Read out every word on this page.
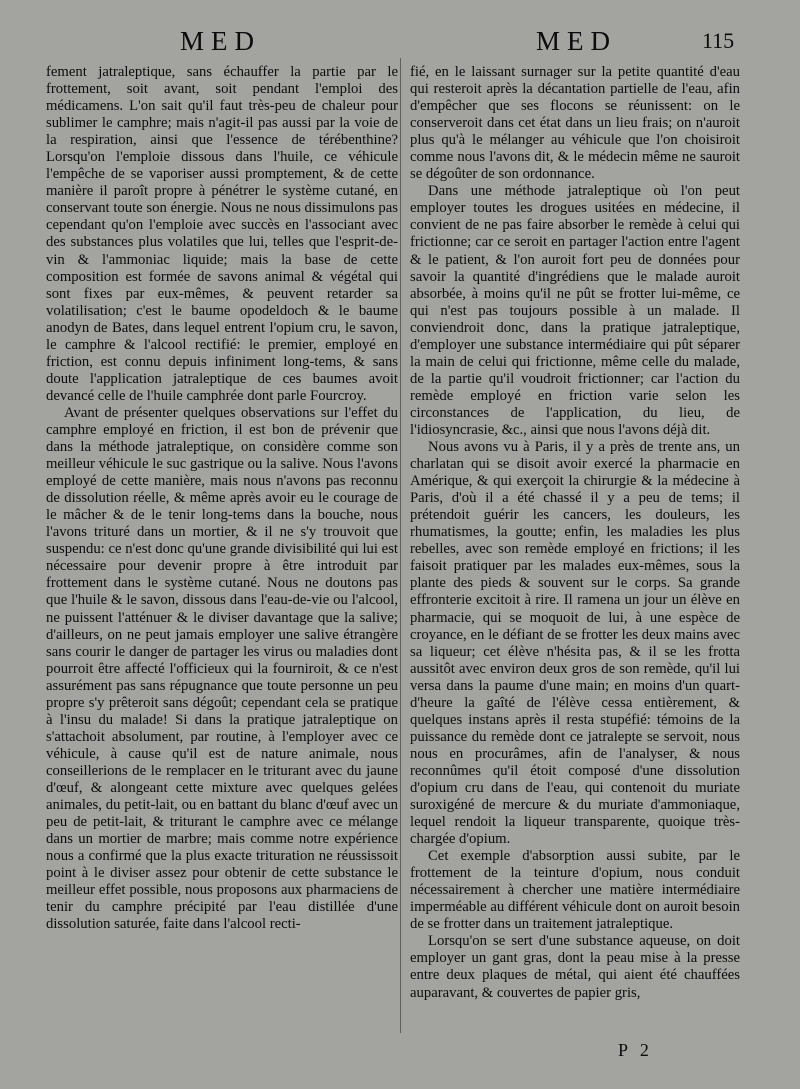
MED	MED	115

fement jatraleptique, sans échauffer la partie par le frottement, soit avant, soit pendant l'emploi des médicamens. L'on sait qu'il faut très-peu de chaleur pour sublimer le camphre; mais n'agit-il pas aussi par la voie de la respiration, ainsi que l'essence de térébenthine? Lorsqu'on l'emploie dissous dans l'huile, ce véhicule l'empêche de se vaporiser aussi promptement, & de cette manière il paroît propre à pénétrer le système cutané, en conservant toute son énergie. Nous ne nous dissimulons pas cependant qu'on l'emploie avec succès en l'associant avec des substances plus volatiles que lui, telles que l'esprit-de-vin & l'ammoniac liquide; mais la base de cette composition est formée de savons animal & végétal qui sont fixes par eux-mêmes, & peuvent retarder sa volatilisation; c'est le baume opodeldoch & le baume anodyn de Bates, dans lequel entrent l'opium cru, le savon, le camphre & l'alcool rectifié: le premier, employé en friction, est connu depuis infiniment long-tems, & sans doute l'application jatraleptique de ces baumes avoit devancé celle de l'huile camphrée dont parle Fourcroy.

Avant de présenter quelques observations sur l'effet du camphre employé en friction, il est bon de prévenir que dans la méthode jatraleptique, on considère comme son meilleur véhicule le suc gastrique ou la salive. Nous l'avons employé de cette manière, mais nous n'avons pas reconnu de dissolution réelle, & même après avoir eu le courage de le mâcher & de le tenir long-tems dans la bouche, nous l'avons trituré dans un mortier, & il ne s'y trouvoit que suspendu: ce n'est donc qu'une grande divisibilité qui lui est nécessaire pour devenir propre à être introduit par frottement dans le système cutané. Nous ne doutons pas que l'huile & le savon, dissous dans l'eau-de-vie ou l'alcool, ne puissent l'atténuer & le diviser davantage que la salive; d'ailleurs, on ne peut jamais employer une salive étrangère sans courir le danger de partager les virus ou maladies dont pourroit être affecté l'officieux qui la fourniroit, & ce n'est assurément pas sans répugnance que toute personne un peu propre s'y prêteroit sans dégoût; cependant cela se pratique à l'insu du malade! Si dans la pratique jatraleptique on s'attachoit absolument, par routine, à l'employer avec ce véhicule, à cause qu'il est de nature animale, nous conseillerions de le remplacer en le triturant avec du jaune d'œuf, & alongeant cette mixture avec quelques gelées animales, du petit-lait, ou en battant du blanc d'œuf avec un peu de petit-lait, & triturant le camphre avec ce mélange dans un mortier de marbre; mais comme notre expérience nous a confirmé que la plus exacte trituration ne réussissoit point à le diviser assez pour obtenir de cette substance le meilleur effet possible, nous proposons aux pharmaciens de tenir du camphre précipité par l'eau distillée d'une dissolution saturée, faite dans l'alcool recti-

fié, en le laissant surnager sur la petite quantité d'eau qui resteroit après la décantation partielle de l'eau, afin d'empêcher que ses flocons se réunissent: on le conserveroit dans cet état dans un lieu frais; on n'auroit plus qu'à le mélanger au véhicule que l'on choisiroit comme nous l'avons dit, & le médecin même ne sauroit se dégoûter de son ordonnance.

Dans une méthode jatraleptique où l'on peut employer toutes les drogues usitées en médecine, il convient de ne pas faire absorber le remède à celui qui frictionne; car ce seroit en partager l'action entre l'agent & le patient, & l'on auroit fort peu de données pour savoir la quantité d'ingrédiens que le malade auroit absorbée, à moins qu'il ne pût se frotter lui-même, ce qui n'est pas toujours possible à un malade. Il conviendroit donc, dans la pratique jatraleptique, d'employer une substance intermédiaire qui pût séparer la main de celui qui frictionne, même celle du malade, de la partie qu'il voudroit frictionner; car l'action du remède employé en friction varie selon les circonstances de l'application, du lieu, de l'idiosyncrasie, &c., ainsi que nous l'avons déjà dit.

Nous avons vu à Paris, il y a près de trente ans, un charlatan qui se disoit avoir exercé la pharmacie en Amérique, & qui exerçoit la chirurgie & la médecine à Paris, d'où il a été chassé il y a peu de tems; il prétendoit guérir les cancers, les douleurs, les rhumatismes, la goutte; enfin, les maladies les plus rebelles, avec son remède employé en frictions; il les faisoit pratiquer par les malades eux-mêmes, sous la plante des pieds & souvent sur le corps. Sa grande effronterie excitoit à rire. Il ramena un jour un élève en pharmacie, qui se moquoit de lui, à une espèce de croyance, en le défiant de se frotter les deux mains avec sa liqueur; cet élève n'hésita pas, & il se les frotta aussitôt avec environ deux gros de son remède, qu'il lui versa dans la paume d'une main; en moins d'un quart-d'heure la gaîté de l'élève cessa entièrement, & quelques instans après il resta stupéfié: témoins de la puissance du remède dont ce jatraleptе se servoit, nous nous en procurâmes, afin de l'analyser, & nous reconnûmes qu'il étoit composé d'une dissolution d'opium cru dans de l'eau, qui contenoit du muriate suroxigéné de mercure & du muriate d'ammoniaque, lequel rendoit la liqueur transparente, quoique très-chargée d'opium.

Cet exemple d'absorption aussi subite, par le frottement de la teinture d'opium, nous conduit nécessairement à chercher une matière intermédiaire imperméable au différent véhicule dont on auroit besoin de se frotter dans un traitement jatraleptique.

Lorsqu'on se sert d'une substance aqueuse, on doit employer un gant gras, dont la peau mise à la presse entre deux plaques de métal, qui aient été chauffées auparavant, & couvertes de papier gris,

P 2
